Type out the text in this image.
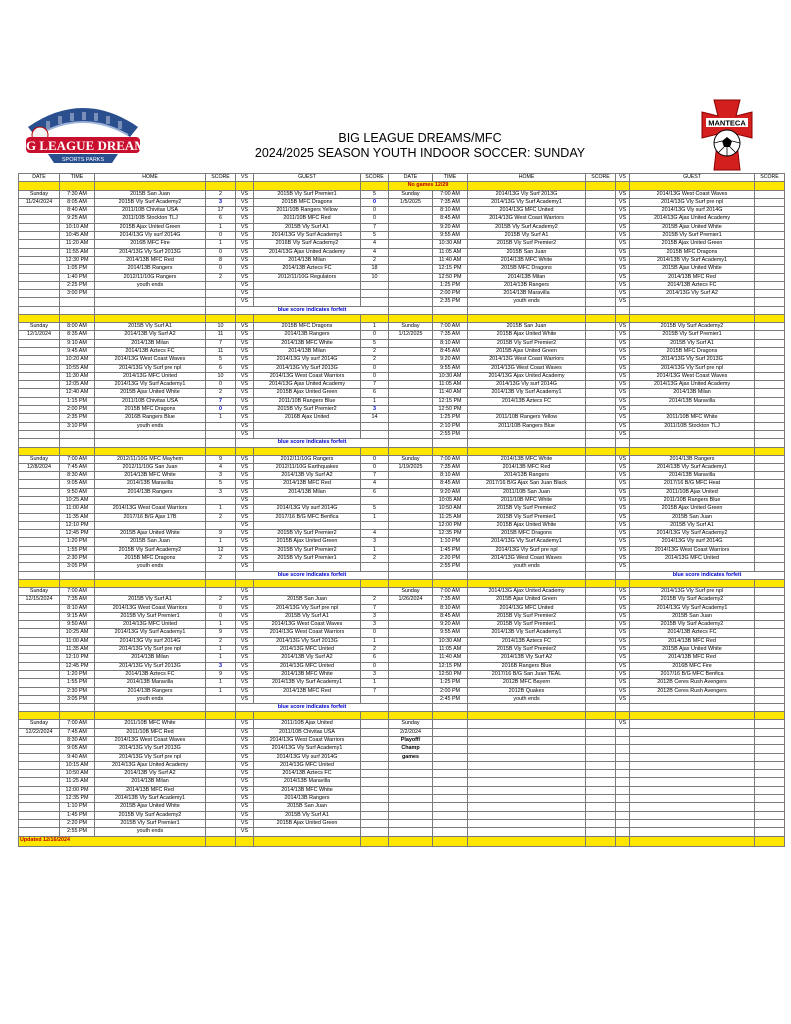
BIG LEAGUE DREAMS
SPORTS PARKS
MANTECA
BIG LEAGUE DREAMS/MFC
2024/2025 SEASON YOUTH INDOOR SOCCER: SUNDAY
DATE	TIME	HOME	SCORE	VS	GUEST	SCORE	DATE	TIME	HOME	SCORE	VS	GUEST	SCORE
							No games 12/29						
Sunday	7:30 AM	2015B San Juan	2	VS	2015B Vly Surf Premier1	5	Sunday	7:00 AM	2014/13G Vly Surf 2013G		VS	2014/13G West Coast Waves	
11/24/2024	8:05 AM	2015B Vly Surf Academy2	3	VS	2015B MFC Dragons	0	1/5/2025	7:35 AM	2014/13G Vly Surf Academy1		VS	2014/13G Vly Surf pre npl	
	8:40 AM	2011/10B Chivitas USA	17	VS	2011/10B Rangers Yellow	0		8:10 AM	2014/13G MFC United		VS	2014/13G Vly surf 2014G	
	9:25 AM	2011/10B Stockton TLJ	6	VS	2011/10B MFC Red	0		8:45 AM	2014/13G West Coast Warriors		VS	2014/13G Ajax United Academy	
	10:10 AM	2015B Ajax United Green	1	VS	2015B Vly Surf A1	7		9:20 AM	2015B Vly Surf Academy2		VS	2015B Ajax United White	
	10:45 AM	2014/13G Vly surf 2014G	0	VS	2014/13G Vly Surf Academy1	5		9:55 AM	2015B Vly Surf A1		VS	2015B Vly Surf Premier1	
	11:20 AM	2016B MFC Fire	1	VS	2016B Vly Surf Academy2	4		10:30 AM	2015B Vly Surf Premier2		VS	2015B Ajax United Green	
	11:55 AM	2014/13G Vly Surf 2013G	0	VS	2014/13G Ajax United Academy	4		11:05 AM	2015B San Juan		VS	2015B MFC Dragons	
	12:30 PM	2014/13B MFC Red	8	VS	2014/13B Milan	2		11:40 AM	2014/13B MFC White		VS	2014/13B Vly Surf Academy1	
	1:05 PM	2014/13B Rangers	0	VS	2014/13B Aztecs FC	18		12:15 PM	2015B MFC Dragons		VS	2015B Ajax United White	
	1:40 PM	2012/11/10G Rangers	2	VS	2012/11/10G Regulators	10		12:50 PM	2014/13B Milan		VS	2014/13B MFC Red	
	2:25 PM	youth ends		VS				1:25 PM	2014/13B Rangers		VS	2014/13B Aztecs FC	
	3:00 PM			VS				2:00 PM	2014/13B Maravilla		VS	2014/13G Vly Surf A2	
				VS				2:35 PM	youth ends		VS		
				blue score indicates forfeit									

Sunday	8:00 AM	2015B Vly Surf A1	10	VS	2015B MFC Dragons	1	Sunday	7:00 AM	2015B San Juan		VS	2015B Vly Surf Academy2	
12/1/2024	8:35 AM	2014/13B Vly Surf A2	11	VS	2014/13B Rangers	0	1/12/2025	7:35 AM	2015B Ajax United White		VS	2015B Vly Surf Premier1	
	9:10 AM	2014/13B Milan	7	VS	2014/13B MFC White	5		8:10 AM	2015B Vly Surf Premier2		VS	2015B Vly Surf A1	
	9:45 AM	2014/13B Aztecs FC	11	VS	2014/13B Milan	2		8:45 AM	2015B Ajax United Green		VS	2015B MFC Dragons	
	10:20 AM	2014/13G West Coast Waves	5	VS	2014/13G Vly surf 2014G	2		9:20 AM	2014/13G West Coast Warriors		VS	2014/13G Vly Surf 2013G	
	10:55 AM	2014/13G Vly Surf pre npl	6	VS	2014/13G Vly Surf 2013G	0		9:55 AM	2014/13G West Coast Waves		VS	2014/13G Vly Surf pre npl	
	11:30 AM	2014/13G MFC United	10	VS	2014/13G West Coast Warriors	0		10:30 AM	2014/13G Ajax United Academy		VS	2014/13G West Coast Waves	
	12:05 AM	2014/13G Vly Surf Academy1	0	VS	2014/13G Ajax United Academy	7		11:05 AM	2014/13G Vly surf 2014G		VS	2014/13G Ajax United Academy	
	12:40 AM	2015B Ajax United White	2	VS	2015B Ajax United Green	6		11:40 AM	2014/13B Vly Surf Academy1		VS	2014/13B Milan	
	1:15 PM	2011/10B Chivitas USA	7	VS	2011/10B Rangers Blue	1		12:15 PM	2014/13B Aztecs FC		VS	2014/13B Maravilla	
	2:00 PM	2015B MFC Dragons	0	VS	2015B Vly Surf Premier2	3		12:50 PM			VS		
	2:35 PM	2016B Rangers Blue	1	VS	2016B Ajax United	14		1:25 PM	2011/10B Rangers Yellow		VS	2011/10B MFC White	
	3:10 PM	youth ends		VS				2:10 PM	2011/10B Rangers Blue		VS	2011/10B Stockton TLJ	
				VS				2:55 PM			VS		
				blue score indicates forfeit									

Sunday	7:00 AM	2012/11/10G MFC Mayhem	9	VS	2012/11/10G Rangers	0	Sunday	7:00 AM	2014/13B MFC White		VS	2014/13B Rangers	
12/8/2024	7:45 AM	2012/11/10G San Juan	4	VS	2012/11/10G Earthquakes	0	1/19/2025	7:35 AM	2014/13B MFC Red		VS	2014/13B Vly Surf Academy1	
	8:30 AM	2014/13B MFC White	3	VS	2014/13B Vly Surf A2	7		8:10 AM	2014/13B Rangers		VS	2014/13B Maravilla	
	9:05 AM	2014/13B Maravilla	5	VS	2014/13B MFC Red	4		8:45 AM	2017/16 B/G Ajax San Juan Black		VS	2017/16 B/G MFC Heat	
	9:50 AM	2014/13B Rangers	3	VS	2014/13B Milan	6		9:20 AM	2011/10B San Juan		VS	2011/10B Ajax United	
	10:25 AM			VS				10:05 AM	2011/10B MFC White		VS	2011/10B Rangers Blue	
	11:00 AM	2014/13G West Coast Warriors	1	VS	2014/13G Vly surf 2014G	5		10:50 AM	2015B Vly Surf Premier2		VS	2015B Ajax United Green	
	11:35 AM	2017/16 B/G Ajax 17B	2	VS	2017/16 B/G MFC Benfica	1		11:25 AM	2015B Vly Surf Premier1		VS	2015B San Juan	
	12:10 PM			VS				12:00 PM	2015B Ajax United White		VS	2015B Vly Surf A1	
	12:45 PM	2015B Ajax United White	9	VS	2015B Vly Surf Premier2	4		12:35 PM	2015B MFC Dragons		VS	2014/13G Vly Surf Academy2	
	1:20 PM	2015B San Juan	1	VS	2015B Ajax United Green	3		1:10 PM	2014/13G Vly Surf Academy1		VS	2014/13G Vly surf 2014G	
	1:55 PM	2015B Vly Surf Academy2	12	VS	2015B Vly Surf Premier2	1		1:45 PM	2014/13G Vly Surf pre npl		VS	2014/13G West Coast Warriors	
	2:30 PM	2015B MFC Dragons	2	VS	2015B Vly Surf Premier1	2		2:20 PM	2014/13G West Coast Waves		VS	2014/13G MFC United	
	3:05 PM	youth ends		VS				2:55 PM	youth ends		VS		
				blue score indicates forfeit								blue score indicates forfeit	

Sunday	7:00 AM			VS			Sunday	7:00 AM	2014/13G Ajax United Academy		VS	2014/13G Vly Surf pre npl	
12/15/2024	7:35 AM	2015B Vly Surf A1	2	VS	2015B San Juan	2	1/26/2024	7:35 AM	2015B Ajax United Green		VS	2015B Vly Surf Academy2	
	8:10 AM	2014/13G West Coast Warriors	0	VS	2014/13G Vly Surf pre npl	7		8:10 AM	2014/13G MFC United		VS	2014/13G Vly Surf Academy1	
	9:15 AM	2015B Vly Surf Premier1	0	VS	2015B Vly Surf A1	3		8:45 AM	2015B Vly Surf Premier2		VS	2015B San Juan	
	9:50 AM	2014/13G MFC United	1	VS	2014/13G West Coast Waves	3		9:20 AM	2015B Vly Surf Premier1		VS	2015B Vly Surf Academy2	
	10:25 AM	2014/13G Vly Surf Academy1	9	VS	2014/13G West Coast Warriors	0		9:55 AM	2014/13B Vly Surf Academy1		VS	2014/13B Aztecs FC	
	11:00 AM	2014/13G Vly surf 2014G	2	VS	2014/13G Vly Surf 2013G	1		10:30 AM	2014/13B Aztecs FC		VS	2014/13B MFC Red	
	11:35 AM	2014/13G Vly Surf pre npl	1	VS	2014/13G MFC United	2		11:05 AM	2015B Vly Surf Premier2		VS	2015B Ajax United White	
	12:10 PM	2014/13B Milan	1	VS	2014/13B Vly Surf A2	6		11:40 AM	2014/13B Vly Surf A2		VS	2014/13B MFC Red	
	12:45 PM	2014/13G Vly Surf 2013G	3	VS	2014/13G MFC United	0		12:15 PM	2016B Rangers Blue		VS	2016B MFC Fire	
	1:20 PM	2014/13B Aztecs FC	9	VS	2014/13B MFC White	3		12:50 PM	2017/16 B/G San Juan TEAL		VS	2017/16 B/G MFC Benfica	
	1:55 PM	2014/13B Maravilla	1	VS	2014/13B Vly Surf Academy1	1		1:25 PM	2012B MFC Bayern		VS	2012B Ceres Rush Avengers	
	2:30 PM	2014/13B Rangers	1	VS	2014/13B MFC Red	7		2:00 PM	2012B Quakes		VS	2012B Ceres Rush Avengers	
	3:05 PM	youth ends		VS				2:45 PM	youth ends		VS		
				blue score indicates forfeit									

Sunday	7:00 AM	2011/10B MFC White		VS	2011/10B Ajax United		Sunday				VS		
12/22/2024	7:45 AM	2011/10B MFC Red		VS	2011/10B Chivitas USA		2/2/2024						
	8:30 AM	2014/13G West Coast Waves		VS	2014/13G West Coast Warriors		Playoff/						
	9:05 AM	2014/13G Vly Surf 2013G		VS	2014/13G Vly Surf Academy1		Champ						
	9:40 AM	2014/13G Vly Surf pre npl		VS	2014/13G Vly surf 2014G		games						
	10:15 AM	2014/13G Ajax United Academy		VS	2014/13G MFC United								
	10:50 AM	2014/13B Vly Surf A2		VS	2014/13B Aztecs FC								
	11:25 AM	2014/13B Milan		VS	2014/13B Maravilla								
	12:00 PM	2014/13B MFC Red		VS	2014/13B MFC White								
	12:35 PM	2014/13B Vly Surf Academy1		VS	2014/13B Rangers								
	1:10 PM	2015B Ajax United White		VS	2015B San Juan								
	1:45 PM	2015B Vly Surf Academy2		VS	2015B Vly Surf A1								
	2:20 PM	2015B Vly Surf Premier1		VS	2015B Ajax United Green								
	2:55 PM	youth ends		VS									
Updated 12/16/2024													
